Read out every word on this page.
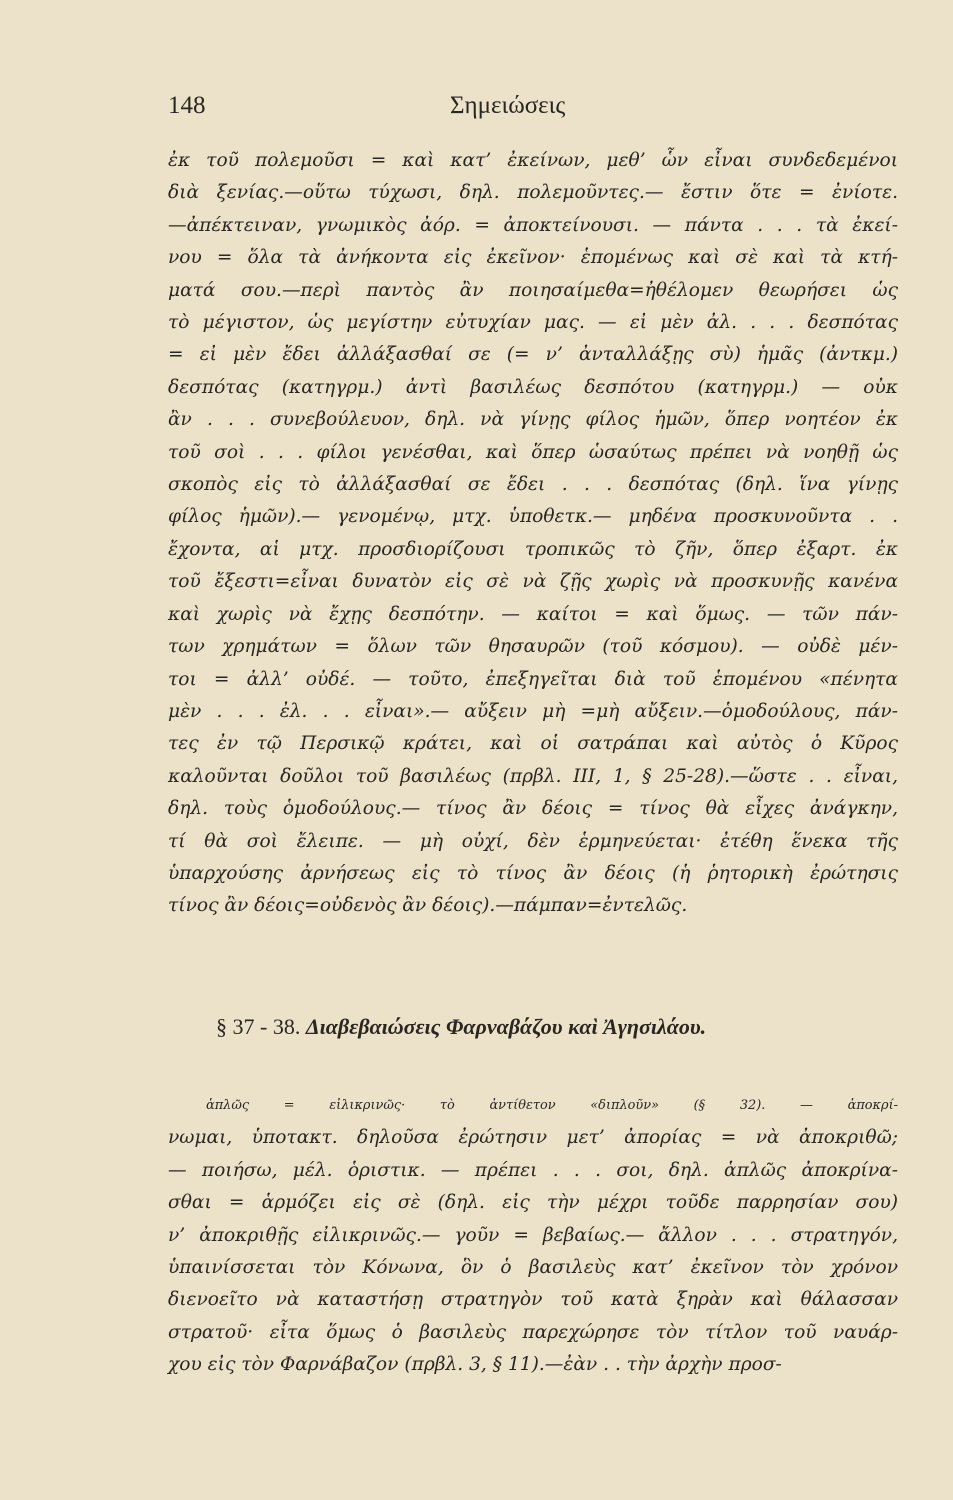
148	Σημειώσεις
ἐκ τοῦ πολεμοῦσι = καὶ κατ’ ἐκείνων, μεθ’ ὧν εἶναι συνδεδεμένοι
διὰ ξενίας.—οὕτω τύχωσι, δηλ. πολεμοῦντες.— ἔστιν ὅτε = ἐνίοτε.
—ἀπέκτειναν, γνωμικὸς ἀόρ. = ἀποκτείνουσι. — πάντα . . . τὰ ἐκεί-
νου = ὅλα τὰ ἀνήκοντα εἰς ἐκεῖνον· ἑπομένως καὶ σὲ καὶ τὰ κτή-
ματά σου.—περὶ παντὸς ἂν ποιησαίμεθα=ἠθέλομεν θεωρήσει ὡς
τὸ μέγιστον, ὡς μεγίστην εὐτυχίαν μας. — εἰ μὲν ἀλ. . . . δεσπότας
= εἰ μὲν ἔδει ἀλλάξασθαί σε (= ν’ ἀνταλλάξῃς σὺ) ἡμᾶς (ἀντκμ.)
δεσπότας (κατηγρμ.) ἀντὶ βασιλέως δεσπότου (κατηγρμ.) — οὐκ
ἂν . . . συνεβούλευον, δηλ. νὰ γίνῃς φίλος ἡμῶν, ὅπερ νοητέον ἐκ
τοῦ σοὶ . . . φίλοι γενέσθαι, καὶ ὅπερ ὡσαύτως πρέπει νὰ νοηθῇ ὡς
σκοπὸς εἰς τὸ ἀλλάξασθαί σε ἔδει . . . δεσπότας (δηλ. ἵνα γίνῃς
φίλος ἡμῶν).— γενομένῳ, μτχ. ὑποθετκ.— μηδένα προσκυνοῦντα . .
ἔχοντα, αἱ μτχ. προσδιορίζουσι τροπικῶς τὸ ζῆν, ὅπερ ἐξαρτ. ἐκ
τοῦ ἔξεστι=εἶναι δυνατὸν εἰς σὲ νὰ ζῇς χωρὶς νὰ προσκυνῇς κανένα
καὶ χωρὶς νὰ ἔχῃς δεσπότην. — καίτοι = καὶ ὅμως. — τῶν πάν-
των χρημάτων = ὅλων τῶν θησαυρῶν (τοῦ κόσμου). — οὐδὲ μέν-
τοι = ἀλλ’ οὐδέ. — τοῦτο, ἐπεξηγεῖται διὰ τοῦ ἑπομένου «πένητα
μὲν . . . ἐλ. . . εἶναι».— αὔξειν μὴ =μὴ αὔξειν.—ὁμοδούλους, πάν-
τες ἐν τῷ Περσικῷ κράτει, καὶ οἱ σατράπαι καὶ αὐτὸς ὁ Κῦρος
καλοῦνται δοῦλοι τοῦ βασιλέως (πρβλ. III, 1, § 25-28).—ὥστε . . εἶναι,
δηλ. τοὺς ὁμοδούλους.— τίνος ἂν δέοις = τίνος θὰ εἶχες ἀνάγκην,
τί θὰ σοὶ ἔλειπε. — μὴ οὐχί, δὲν ἑρμηνεύεται· ἐτέθη ἕνεκα τῆς
ὑπαρχούσης ἀρνήσεως εἰς τὸ τίνος ἂν δέοις (ἡ ῥητορικὴ ἐρώτησις
τίνος ἂν δέοις=οὐδενὸς ἂν δέοις).—πάμπαν=ἐντελῶς.
§ 37 - 38. Διαβεβαιώσεις Φαρναβάζου καὶ Ἀγησιλάου.
ἁπλῶς = εἰλικρινῶς· τὸ ἀντίθετον «διπλοῦν» (§ 32). — ἀποκρί-
νωμαι, ὑποτακτ. δηλοῦσα ἐρώτησιν μετ’ ἀπορίας = νὰ ἀποκριθῶ;
— ποιήσω, μέλ. ὁριστικ. — πρέπει . . . σοι, δηλ. ἁπλῶς ἀποκρίνα-
σθαι = ἁρμόζει εἰς σὲ (δηλ. εἰς τὴν μέχρι τοῦδε παρρησίαν σου)
ν’ ἀποκριθῇς εἰλικρινῶς.— γοῦν = βεβαίως.— ἄλλον . . . στρατηγόν,
ὑπαινίσσεται τὸν Κόνωνα, ὃν ὁ βασιλεὺς κατ’ ἐκεῖνον τὸν χρόνον
διενοεῖτο νὰ καταστήσῃ στρατηγὸν τοῦ κατὰ ξηρὰν καὶ θάλασσαν
στρατοῦ· εἶτα ὅμως ὁ βασιλεὺς παρεχώρησε τὸν τίτλον τοῦ ναυάρ-
χου εἰς τὸν Φαρνάβαζον (πρβλ. 3, § 11).—ἐὰν . . τὴν ἀρχὴν προσ-
